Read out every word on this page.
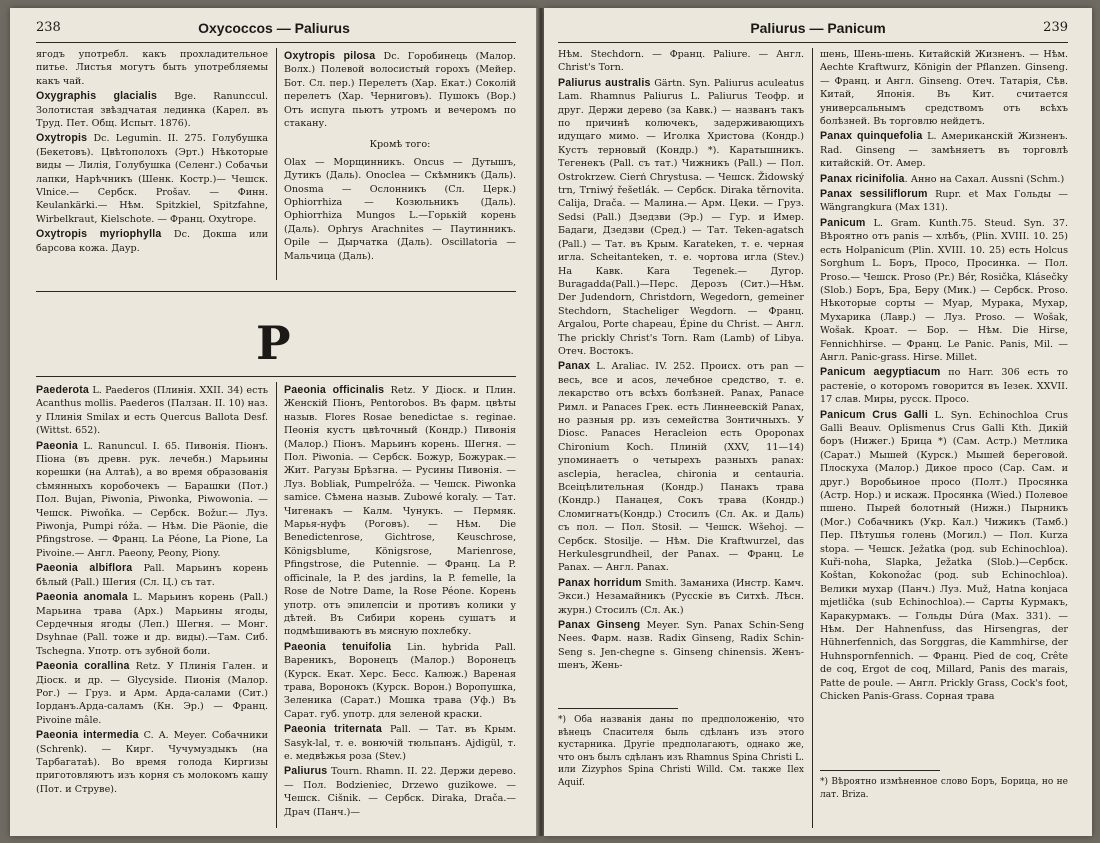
238	Oxycoccos — Paliurus

ягодъ употребл. какъ прохладительное питье. Листья могутъ быть употребляемы какъ чай.

Oxygraphis glacialis Bge. Ranunccul. Золотистая звѣздчатая лединка (Карел. въ Труд. Пет. Общ. Испыт. 1876).

Oxytropis Dc. Legumin. II. 275. Голубушка (Бекетовъ). Цвѣтополохъ (Эрт.) Нѣкоторые виды — Лилія, Голубушка (Селенг.) Собачьи лапки, Нарѣчникъ (Шенк. Костр.)— Чешск. Vlnice.— Сербск. Prošav. — Финн. Keulankärki.— Нѣм. Spitzkiel, Spitzfahne, Wirbelkraut, Kielschote. — Франц. Oxytrope.

Oxytropis myriophylla Dc. Докша или барсова кожа. Даур.

Oxytropis pilosa Dc. Горобинець (Малор. Волх.) Полевой волосистый горохъ (Мейер. Бот. Сл. пер.) Перелетъ (Хар. Екат.) Соколій перелетъ (Хар. Черниговъ). Пушокъ (Вор.) Отъ испуга пьютъ утромъ и вечеромъ по стакану.

Кромѣ того:

Olax — Морщинникъ. Oncus — Дутышъ, Дутикъ (Даль). Onoclea — Скѣмникъ (Даль). Onosma — Ослонникъ (Сл. Церк.) Ophiorrhiza — Козюльникъ (Даль). Ophiorrhiza Mungos L.—Горькій корень (Даль). Ophrys Arachnites — Паутинникъ. Opile — Дырчатка (Даль). Oscillatoria — Мальчица (Даль).

P

Paederota L. Paederos (Плинія. XXII. 34) есть Acanthus mollis. Paederos (Палзан. II. 10) наз. у Плинія Smilax и есть Quercus Ballota Desf. (Wittst. 652).

Paeonia L. Ranuncul. I. 65. Пивонія. Піонъ. Піона (въ древн. рук. лечебн.) Марьины корешки (на Алтаѣ), а во время образованія сѣмянныхъ коробочекъ — Барашки (Пот.) Пол. Bujan, Piwonia, Piwonka, Piwowonia. — Чешск. Piwoňka. — Сербск. Božur.— Луз. Piwonja, Pumpi róža. — Нѣм. Die Päonie, die Pfingstrose. — Франц. La Péone, La Pione, La Pivoine.— Англ. Paeony, Peony, Piony.

Paeonia albiflora Pall. Марьинъ корень бѣлый (Pall.) Шегия (Сл. Ц.) съ тат.

Paeonia anomala L. Марьинъ корень (Pall.) Марьина трава (Арх.) Марьины ягоды, Сердечныя ягоды (Леп.) Шегня. — Монг. Dsyhnae (Pall. тоже и др. виды).—Там. Сиб. Tschegna. Употр. отъ зубной боли.

Paeonia corallina Retz. У Плинія Гален. и Діоск. и др. — Glycyside. Пионія (Малор. Рог.) — Груз. и Арм. Арда-салами (Сит.) Іорданъ.Арда-саламъ (Кн. Эр.) — Франц. Pivoine mâle.

Paeonia intermedia C. A. Meyer. Собачники (Schrenk). — Кирг. Чучумуздыкъ (на Тарбагатаѣ). Во время голода Киргизы приготовляютъ изъ корня съ молокомъ кашу (Пот. и Струве).

Paeonia officinalis Retz. У Діоск. и Плин. Женскій Піонъ, Pentorobos. Въ фарм. цвѣты назыв. Flores Rosae benedictae s. reginae. Пеонія кустъ цвѣточный (Кондр.) Пивонія (Малор.) Піонъ. Марьинъ корень. Шегня. — Пол. Piwonia. — Сербск. Божур, Божурак.— Жит. Рагузы Брѣзгна. — Русины Пивонія. — Луз. Bobliak, Pumpelróža. — Чешск. Piwonka samice. Сѣмена назыв. Zubowé koraly. — Тат. Чигенакъ — Калм. Чунукъ. — Пермяк. Марья-нуфъ (Роговъ). — Нѣм. Die Benedictenrose, Gichtrose, Keuschrose, Königsblume, Königsrose, Marienrose, Pfingstrose, die Putennie. — Франц. La P. officinale, la P. des jardins, la P. femelle, la Rose de Notre Dame, la Rose Péone. Корень употр. отъ эпилепсіи и противъ колики у дѣтей. Въ Сибири корень сушатъ и подмѣшиваютъ въ мясную похлебку.

Paeonia tenuifolia Lin. hybrida Pall. Вареникъ, Воронецъ (Малор.) Воронецъ (Курск. Екат. Херс. Бесс. Калюж.) Вареная трава, Воронокъ (Курск. Ворон.) Воропушка, Зеленика (Сарат.) Мошка трава (Уф.) Въ Сарат. губ. употр. для зеленой краски.

Paeonia triternata Pall. — Тат. въ Крым. Sasyk-lal, т. е. вонючій тюльпанъ. Ajdigül, т. е. медвѣжья роза (Stev.)

Paliurus Tourn. Rhamn. II. 22. Держи дерево. — Пол. Bodzieniec, Drzewo guzikowe. — Чешск. Cišnik. — Сербск. Diraka, Drača.—Драч (Панч.)—

Paliurus — Panicum	239

Нѣм. Stechdorn. — Франц. Paliure. — Англ. Christ's Torn.

Paliurus australis Gärtn. Syn. Paliurus aculeatus Lam. Rhamnus Paliurus L. Paliurus Теофр. и друг. Держи дерево (за Кавк.) — названъ такъ по причинѣ колючекъ, задерживающихъ идущаго мимо. — Иголка Христова (Кондр.) Кустъ терновый (Кондр.) *). Каратышникъ. Тегенекъ (Pall. съ тат.) Чижникъ (Pall.) — Пол. Ostrokrzew. Cierń Chrystusa. — Чешск. Židowský trn, Trniwý řešetlák. — Сербск. Diraka těrnovita. Calija, Drača. — Малина.— Арм. Цеки. — Груз. Sedsi (Pall.) Дзедзви (Эр.) — Гур. и Имер. Бадаги, Дзедзви (Сред.) — Тат. Teken-agatsch (Pall.) — Тат. въ Крым. Karateken, т. е. черная игла. Scheitanteken, т. е. чортова игла (Stev.) На Кавк. Kara Tegenek.— Дугор. Buragadda(Pall.)—Перс. Дерозъ (Сит.)—Нѣм. Der Judendorn, Christdorn, Wegedorn, gemeiner Stechdorn, Stacheliger Wegdorn. — Франц. Argalou, Porte chapeau, Épine du Christ. — Англ. The prickly Christ's Torn. Ram (Lamb) of Libya. Отеч. Востокъ.

Panax L. Araliac. IV. 252. Происх. отъ pan — весь, все и acos, лечебное средство, т. е. лекарство отъ всѣхъ болѣзней. Panax, Panace Римл. и Panaces Грек. есть Линнеевскій Panax, но разныя рр. изъ семейства Зонтичныхъ. У Diosc. Panaces Heracleion есть Opoponax Chironium Koch. Плиній (XXV, 11—14) упоминаетъ о четырехъ разныхъ panax: asclepia, heraclea, chironia и centauria. Всеіцѣлительная (Кондр.) Панакъ трава (Кондр.) Панацея, Сокъ трава (Кондр.) Сломигнатъ(Кондр.) Стосилъ (Сл. Ак. и Даль) съ пол. — Пол. Stosił. — Чешск. Wšehoj. — Сербск. Stosilje. — Нѣм. Die Kraftwurzel, das Herkulesgrundheil, der Panax. — Франц. Le Panax. — Англ. Panax.

Panax horridum Smith. Заманиха (Инстр. Камч. Экси.) Незамайникъ (Русскіе въ Ситхѣ. Лѣсн. журн.) Стосилъ (Сл. Ак.)

Panax Ginseng Meyer. Syn. Panax Schin-Seng Nees. Фарм. назв. Radix Ginseng, Radix Schin-Seng s. Jen-chegne s. Ginseng chinensis. Женъ-шенъ, Жень-

шень, Шень-шень. Китайскій Жизненъ. — Нѣм. Aechte Kraftwurz, Königin der Pflanzen. Ginseng. — Франц. и Англ. Ginseng. Отеч. Татарія, Сѣв. Китай, Японія. Въ Кит. считается универсальнымъ средствомъ отъ всѣхъ болѣзней. Въ торговлю нейдетъ.

Panax quinquefolia L. Американскій Жизненъ. Rad. Ginseng — замѣняетъ въ торговлѣ китайскій. От. Амер.

Panax ricinifolia. Анно на Сахал. Aussni (Schm.)

Panax sessiliflorum Rupr. et Max Гольды — Wängrangkura (Max 131).

Panicum L. Gram. Kunth.75. Steud. Syn. 37. Вѣроятно отъ panis — хлѣбъ, (Plin. XVIII. 10. 25) есть Holpanicum (Plin. XVIII. 10. 25) есть Holcus Sorghum L. Боръ, Просо, Просинка. — Пол. Proso.— Чешск. Proso (Pr.) Bér, Rosička, Klásečky (Slob.) Боръ, Бра, Беру (Мик.) — Сербск. Proso. Нѣкоторые сорты — Муар, Мурака, Мухар, Мухарика (Лавр.) — Луз. Proso. — Wošak, Wošak. Кроат. — Бор. — Нѣм. Die Hirse, Fennichhirse. — Франц. Le Panic. Panis, Mil. — Англ. Panic-grass. Hirse. Millet.

Panicum aegyptiacum по Harr. 306 есть то растеніе, о которомъ говорится въ Іезек. XXVII. 17 слав. Миры, русск. Просо.

Panicum Crus Galli L. Syn. Echinochloa Crus Galli Beauv. Oplismenus Crus Galli Kth. Дикій боръ (Нижег.) Брица *) (Сам. Астр.) Метлика (Сарат.) Мышей (Курск.) Мышей береговой. Плоскуха (Малор.) Дикое просо (Сар. Сам. и друг.) Воробьиное просо (Полт.) Просянка (Астр. Нор.) и искаж. Просянка (Wied.) Полевое пшено. Пырей болотный (Нижн.) Пырникъ (Мог.) Собачникъ (Укр. Кал.) Чижикъ (Тамб.) Пер. Пѣтушья голень (Могил.) — Пол. Kurza stopa. — Чешск. Ježatka (род. sub Echinochloa). Kuři-noha, Slapka, Ježatka (Slob.)—Сербск. Koštan, Kokonožac (род. sub Echinochloa). Велики мухар (Панч.) Луз. Muž, Hatna konjaca mjetlička (sub Echinochloa).— Сарты Курмакъ, Каракурмакъ. — Гольды Dúra (Max. 331). — Нѣм. Der Hahnenfuss, das Hirsengras, der Hühnerfennich, das Sorggras, die Kammhirse, der Huhnspornfennich. — Франц. Pied de coq, Crête de coq, Ergot de coq, Millard, Panis des marais, Patte de poule. — Англ. Prickly Grass, Cock's foot, Chicken Panis-Grass. Сорная трава

*) Оба названія даны по предположенію, что вѣнецъ Спасителя быль сдѣланъ изъ этого кустарника. Другіе предполагаютъ, однако же, что онъ былъ сдѣланъ изъ Rhamnus Spina Christi L. или Zizyphos Spina Christi Willd. См. также Ilex Aquif.	*) Вѣроятно измѣненное слово Боръ, Борица, но не лат. Briza.
